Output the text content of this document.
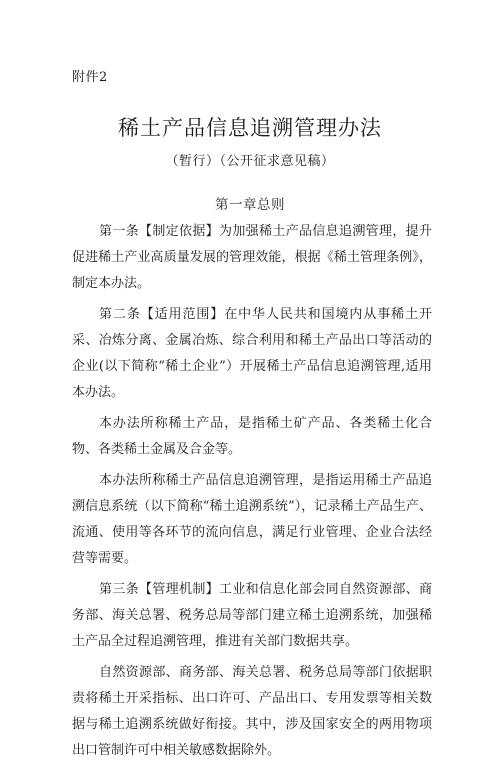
附件2
稀土产品信息追溯管理办法
（暂行）（公开征求意见稿）
第一章总则

第一条【制定依据】为加强稀土产品信息追溯管理，提升促进稀土产业高质量发展的管理效能，根据《稀土管理条例》，制定本办法。

第二条【适用范围】在中华人民共和国境内从事稀土开采、冶炼分离、金属冶炼、综合利用和稀土产品出口等活动的企业(以下简称“稀土企业”）开展稀土产品信息追溯管理,适用本办法。

本办法所称稀土产品，是指稀土矿产品、各类稀土化合物、各类稀土金属及合金等。

本办法所称稀土产品信息追溯管理，是指运用稀土产品追溯信息系统（以下简称“稀土追溯系统”），记录稀土产品生产、流通、使用等各环节的流向信息，满足行业管理、企业合法经营等需要。

第三条【管理机制】工业和信息化部会同自然资源部、商务部、海关总署、税务总局等部门建立稀土追溯系统，加强稀土产品全过程追溯管理，推进有关部门数据共享。

自然资源部、商务部、海关总署、税务总局等部门依据职责将稀土开采指标、出口许可、产品出口、专用发票等相关数据与稀土追溯系统做好衔接。其中，涉及国家安全的两用物项出口管制许可中相关敏感数据除外。
